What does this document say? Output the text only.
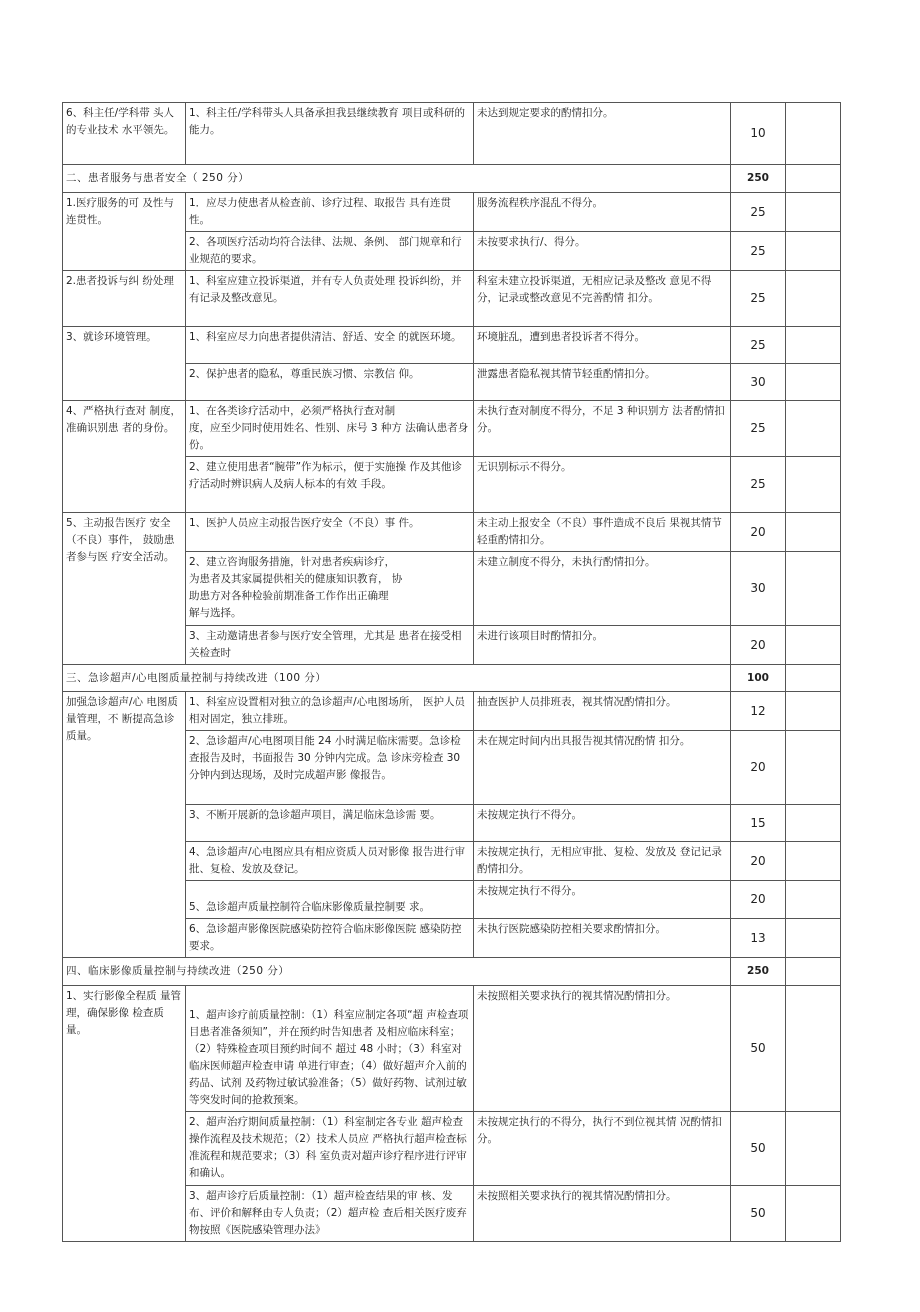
6、科主任/学科带 头人的专业技术 水平领先。	1、科主任/学科带头人具备承担我县继续教育 项目或科研的能力。	未达到规定要求的酌情扣分。	10	
二、患者服务与患者安全（ 250 分）			250	
1.医疗服务的可 及性与连贯性。	1．应尽力使患者从检查前、诊疗过程、取报告 具有连贯性。	服务流程秩序混乱不得分。	25	
	2、各项医疗活动均符合法律、法规、条例、 部门规章和行业规范的要求。	未按要求执行/、得分。	25	
2.患者投诉与纠 纷处理	1、科室应建立投诉渠道，并有专人负责处理 投诉纠纷，并有记录及整改意见。	科室未建立投诉渠道，无相应记录及整改 意见不得分，记录或整改意见不完善酌情 扣分。	25	
3、就诊环境管理。	1、科室应尽力向患者提供清洁、舒适、安全 的就医环境。	环境脏乱，遭到患者投诉者不得分。	25	
	2、保护患者的隐私，尊重民族习惯、宗教信 仰。	泄露患者隐私视其情节轻重酌情扣分。	30	
4、严格执行查对 制度，准确识别患 者的身份。	1、在各类诊疗活动中，必须严格执行查对制
度，应至少同时使用姓名、性别、床号 3 种方 法确认患者身份。	未执行查对制度不得分，不足 3 种识别方 法者酌情扣分。	25	
	2、建立使用患者“腕带”作为标示，便于实施操 作及其他诊疗活动时辨识病人及病人标本的有效 手段。	无识别标示不得分。	25	
5、主动报告医疗 安全（不良）事件， 鼓励患者参与医 疗安全活动。	1、医护人员应主动报告医疗安全（不良）事 件。	未主动上报安全（不良）事件造成不良后 果视其情节轻重酌情扣分。	20	

	2、建立咨询服务措施，针对患者疾病诊疗，
为患者及其家属提供相关的健康知识教育， 协
助患方对各种检验前期准备工作作出正确理
解与选择。	未建立制度不得分，未执行酌情扣分。	30	
	3、主动邀请患者参与医疗安全管理，尤其是 患者在接受相关检查时	未进行该项目时酌情扣分。	20	
三、急诊超声/心电图质量控制与持续改进（100 分）			100	
加强急诊超声/心 电图质量管理，不 断提高急诊质量。	1、科室应设置相对独立的急诊超声/心电图场所， 医护人员相对固定，独立排班。	抽查医护人员排班表，视其情况酌情扣分。	12	
	2、急诊超声/心电图项目能 24 小时满足临床需要。急诊检查报告及时，书面报告 30 分钟内完成。急 诊床旁检查 30 分钟内到达现场，及时完成超声影 像报告。	未在规定时间内出具报告视其情况酌情 扣分。	20	
	3、不断开展新的急诊超声项目，满足临床急诊需 要。	未按规定执行不得分。	15	
	4、急诊超声/心电图应具有相应资质人员对影像 报告进行审批、复检、发放及登记。	未按规定执行，无相应审批、复检、发放及 登记记录酌情扣分。	20	
	5、急诊超声质量控制符合临床影像质量控制要 求。	未按规定执行不得分。	20	
	6、急诊超声影像医院感染防控符合临床影像医院 感染防控要求。	未执行医院感染防控相关要求酌情扣分。	13	
四、临床影像质量控制与持续改进（250 分）			250	
1、实行影像全程质 量管理，确保影像 检查质量。	1、超声诊疗前质量控制：（1）科室应制定各项“超 声检查项目患者准备须知”，并在预约时告知患者 及相应临床科室；（2）特殊检查项目预约时间不 超过 48 小时；（3）科室对临床医师超声检查申请 单进行审查；（4）做好超声介入前的药品、试剂 及药物过敏试验准备；（5）做好药物、试剂过敏 等突发时间的抢救预案。	未按照相关要求执行的视其情况酌情扣分。	50	
	2、超声治疗期间质量控制：（1）科室制定各专业 超声检查操作流程及技术规范；（2）技术人员应 严格执行超声检查标准流程和规范要求；（3）科 室负责对超声诊疗程序进行评审和确认。	未按规定执行的不得分，执行不到位视其情 况酌情扣分。	50	
	3、超声诊疗后质量控制：（1）超声检查结果的审 核、发布、评价和解释由专人负责；（2）超声检 查后相关医疗废弃物按照《医院感染管理办法》	未按照相关要求执行的视其情况酌情扣分。	50	
